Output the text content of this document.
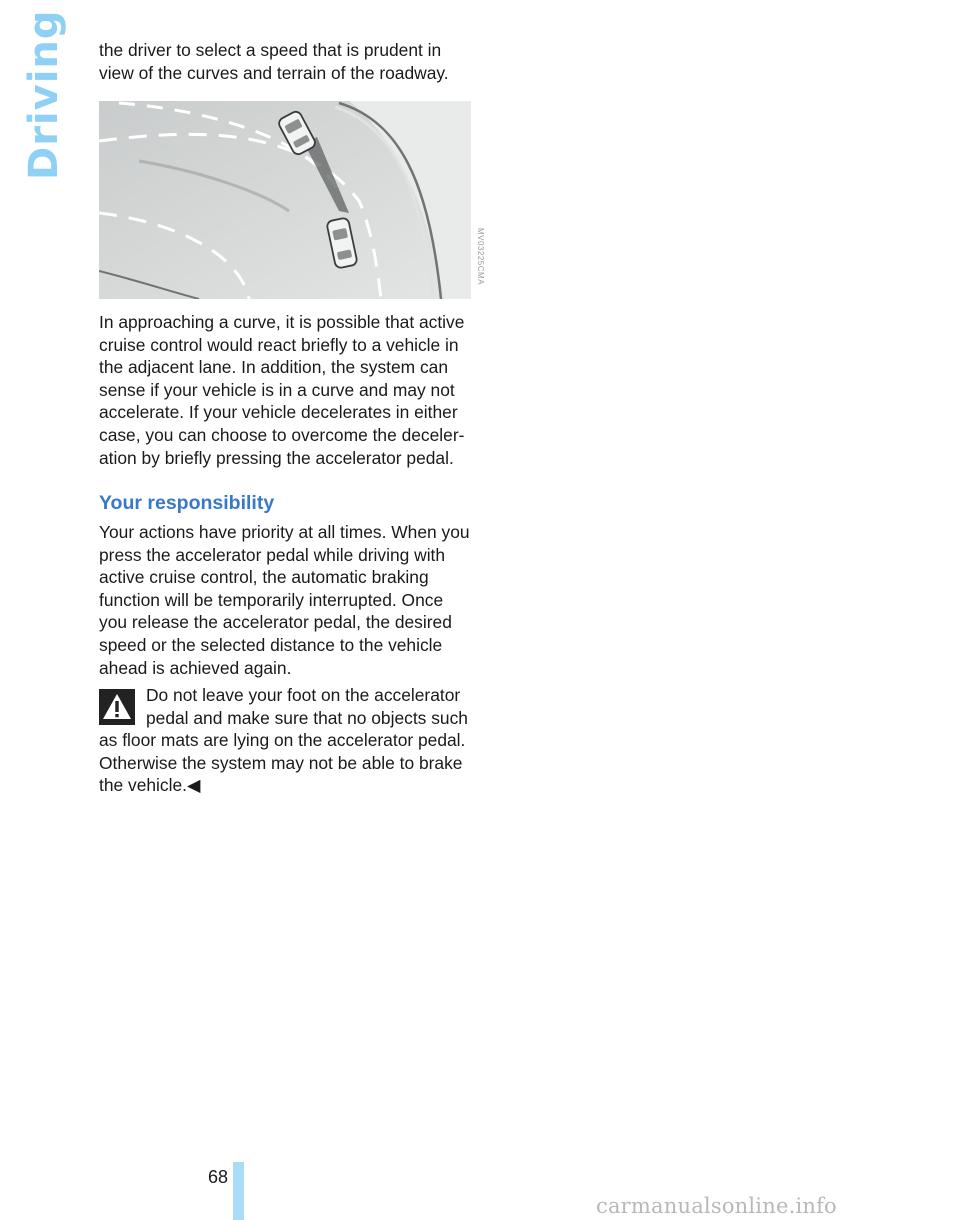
Driving the driver to select a speed that is prudent in view of the curves and terrain of the roadway.
MV03225CMA
In approaching a curve, it is possible that active cruise control would react briefly to a vehicle in the adjacent lane. In addition, the system can sense if your vehicle is in a curve and may not accelerate. If your vehicle decelerates in either case, you can choose to overcome the deceleration by briefly pressing the accelerator pedal.
Your responsibility
Your actions have priority at all times. When you press the accelerator pedal while driving with active cruise control, the automatic braking function will be temporarily interrupted. Once you release the accelerator pedal, the desired speed or the selected distance to the vehicle ahead is achieved again.
Do not leave your foot on the accelerator pedal and make sure that no objects such
as floor mats are lying on the accelerator pedal. Otherwise the system may not be able to brake the vehicle.◀
68
carmanualsonline.info
